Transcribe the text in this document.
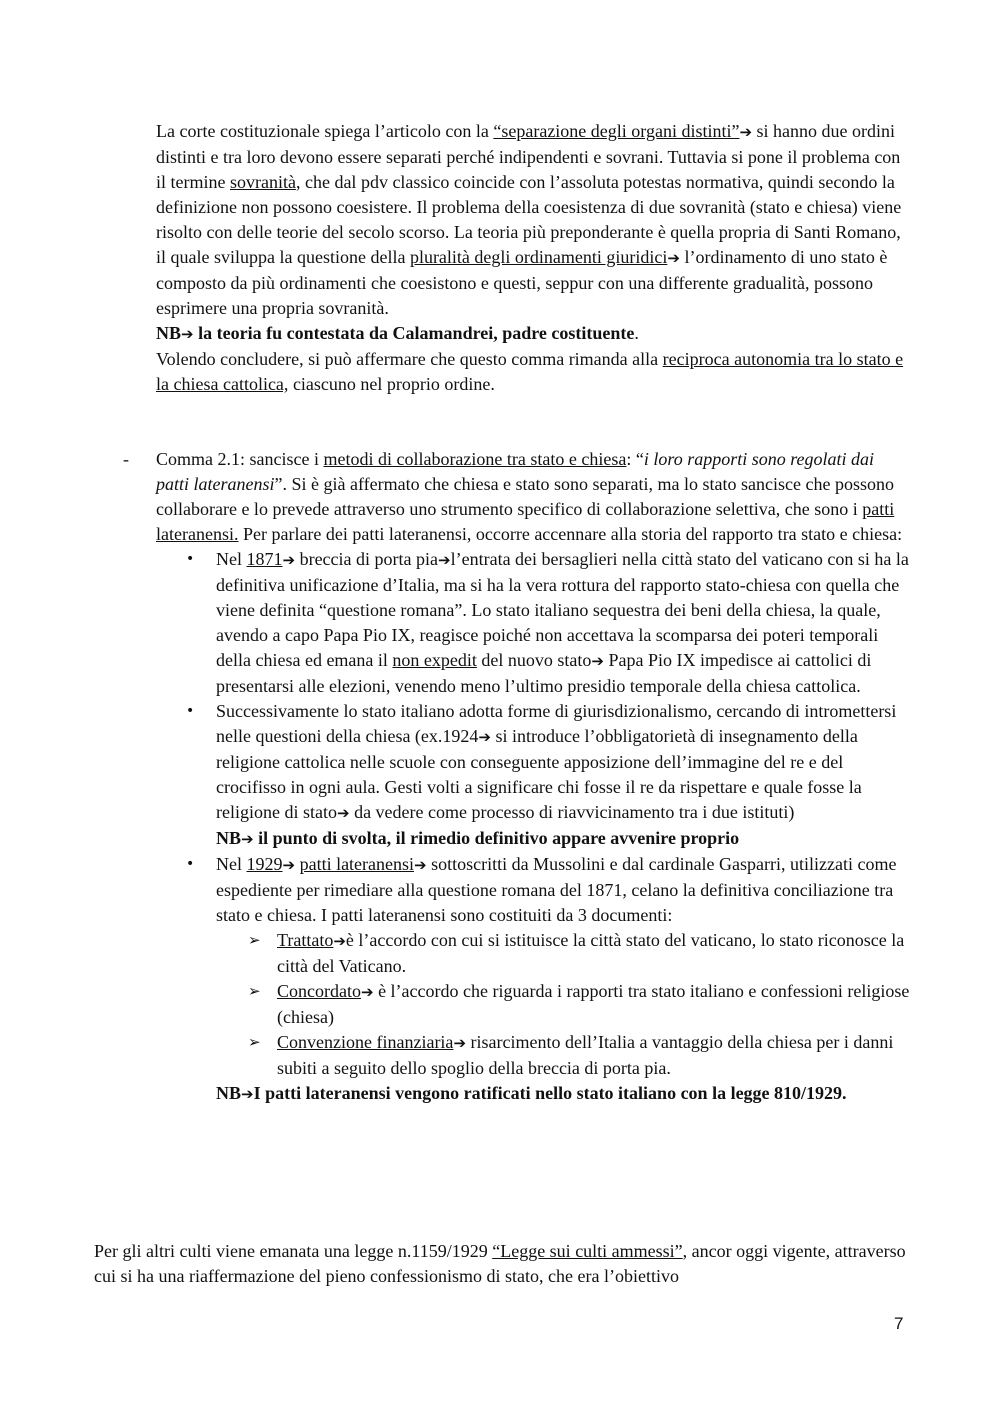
La corte costituzionale spiega l’articolo con la “separazione degli organi distinti”➔ si hanno due ordini distinti e tra loro devono essere separati perché indipendenti e sovrani. Tuttavia si pone il problema con il termine sovranità, che dal pdv classico coincide con l’assoluta potestas normativa, quindi secondo la definizione non possono coesistere. Il problema della coesistenza di due sovranità (stato e chiesa) viene risolto con delle teorie del secolo scorso. La teoria più preponderante è quella propria di Santi Romano, il quale sviluppa la questione della pluralità degli ordinamenti giuridici➔ l’ordinamento di uno stato è composto da più ordinamenti che coesistono e questi, seppur con una differente gradualità, possono esprimere una propria sovranità.

NB➔ la teoria fu contestata da Calamandrei, padre costituente.

Volendo concludere, si può affermare che questo comma rimanda alla reciproca autonomia tra lo stato e la chiesa cattolica, ciascuno nel proprio ordine.

- Comma 2.1: sancisce i metodi di collaborazione tra stato e chiesa: “i loro rapporti sono regolati dai patti lateranensi”. Si è già affermato che chiesa e stato sono separati, ma lo stato sancisce che possono collaborare e lo prevede attraverso uno strumento specifico di collaborazione selettiva, che sono i patti lateranensi. Per parlare dei patti lateranensi, occorre accennare alla storia del rapporto tra stato e chiesa:

• Nel 1871➔ breccia di porta pia➔l’entrata dei bersaglieri nella città stato del vaticano con si ha la definitiva unificazione d’Italia, ma si ha la vera rottura del rapporto stato-chiesa con quella che viene definita “questione romana”. Lo stato italiano sequestra dei beni della chiesa, la quale, avendo a capo Papa Pio IX, reagisce poiché non accettava la scomparsa dei poteri temporali della chiesa ed emana il non expedit del nuovo stato➔ Papa Pio IX impedisce ai cattolici di presentarsi alle elezioni, venendo meno l’ultimo presidio temporale della chiesa cattolica.
• Successivamente lo stato italiano adotta forme di giurisdizionalismo, cercando di intromettersi nelle questioni della chiesa (ex.1924➔ si introduce l’obbligatorietà di insegnamento della religione cattolica nelle scuole con conseguente apposizione dell’immagine del re e del crocifisso in ogni aula. Gesti volti a significare chi fosse il re da rispettare e quale fosse la religione di stato➔ da vedere come processo di riavvicinamento tra i due istituti)

NB➔ il punto di svolta, il rimedio definitivo appare avvenire proprio

• Nel 1929➔ patti lateranensi➔ sottoscritti da Mussolini e dal cardinale Gasparri, utilizzati come espediente per rimediare alla questione romana del 1871, celano la definitiva conciliazione tra stato e chiesa. I patti lateranensi sono costituiti da 3 documenti:
➢ Trattato➔è l’accordo con cui si istituisce la città stato del vaticano, lo stato riconosce la città del Vaticano.
➢ Concordato➔ è l’accordo che riguarda i rapporti tra stato italiano e confessioni religiose (chiesa)
➢ Convenzione finanziaria➔ risarcimento dell’Italia a vantaggio della chiesa per i danni subiti a seguito dello spoglio della breccia di porta pia.

NB➔I patti lateranensi vengono ratificati nello stato italiano con la legge 810/1929.

Per gli altri culti viene emanata una legge n.1159/1929 “Legge sui culti ammessi”, ancor oggi vigente, attraverso cui si ha una riaffermazione del pieno confessionismo di stato, che era l’obiettivo

7
